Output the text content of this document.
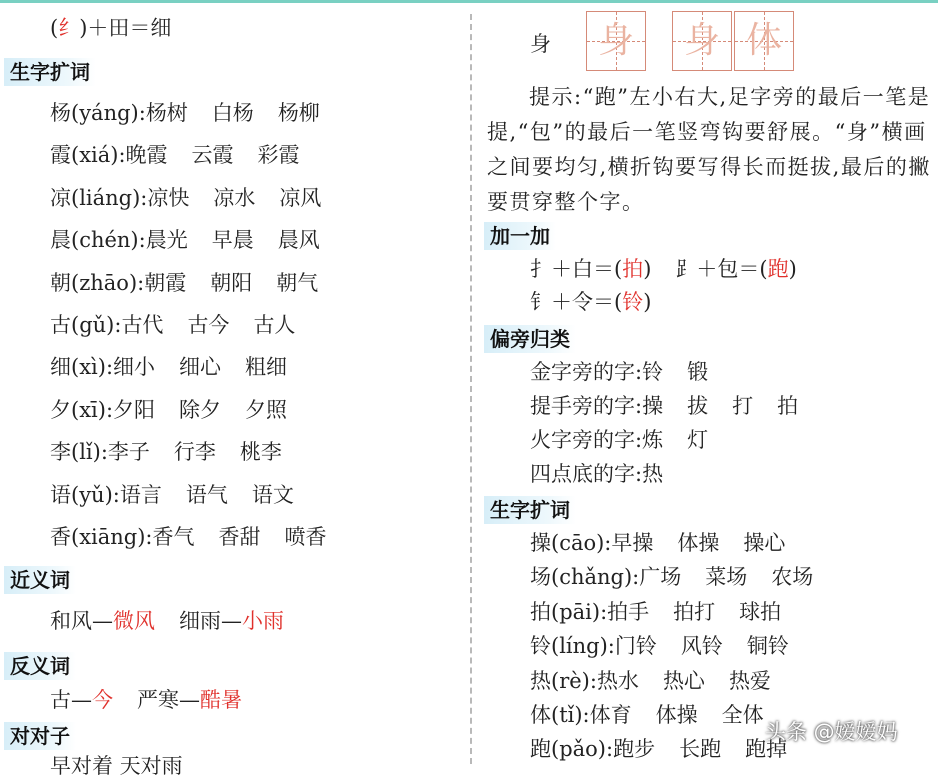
(纟)＋田＝细
生字扩词
杨(yáng):杨树 白杨 杨柳
霞(xiá):晚霞 云霞 彩霞
凉(liáng):凉快 凉水 凉风
晨(chén):晨光 早晨 晨风
朝(zhāo):朝霞 朝阳 朝气
古(gǔ):古代 古今 古人
细(xì):细小 细心 粗细
夕(xī):夕阳 除夕 夕照
李(lǐ):李子 行李 桃李
语(yǔ):语言 语气 语文
香(xiāng):香气 香甜 喷香
近义词
和风—微风 细雨—小雨
反义词
古—今 严寒—酷暑
对对子
早对着 天对雨
身	身	身 体
提示:“跑”左小右大,足字旁的最后一笔是提,“包”的最后一笔竖弯钩要舒展。“身”横画之间要均匀,横折钩要写得长而挺拔,最后的撇要贯穿整个字。
加一加
扌＋白＝(拍) ⻊＋包＝(跑)
钅＋令＝(铃)
偏旁归类
金字旁的字:铃 锻
提手旁的字:操 拔 打 拍
火字旁的字:炼 灯
四点底的字:热
生字扩词
操(cāo):早操 体操 操心
场(chǎng):广场 菜场 农场
拍(pāi):拍手 拍打 球拍
铃(líng):门铃 风铃 铜铃
热(rè):热水 热心 热爱
体(tǐ):体育 体操 全体
跑(pǎo):跑步 长跑 跑掉
头条 @嫒嫒妈
